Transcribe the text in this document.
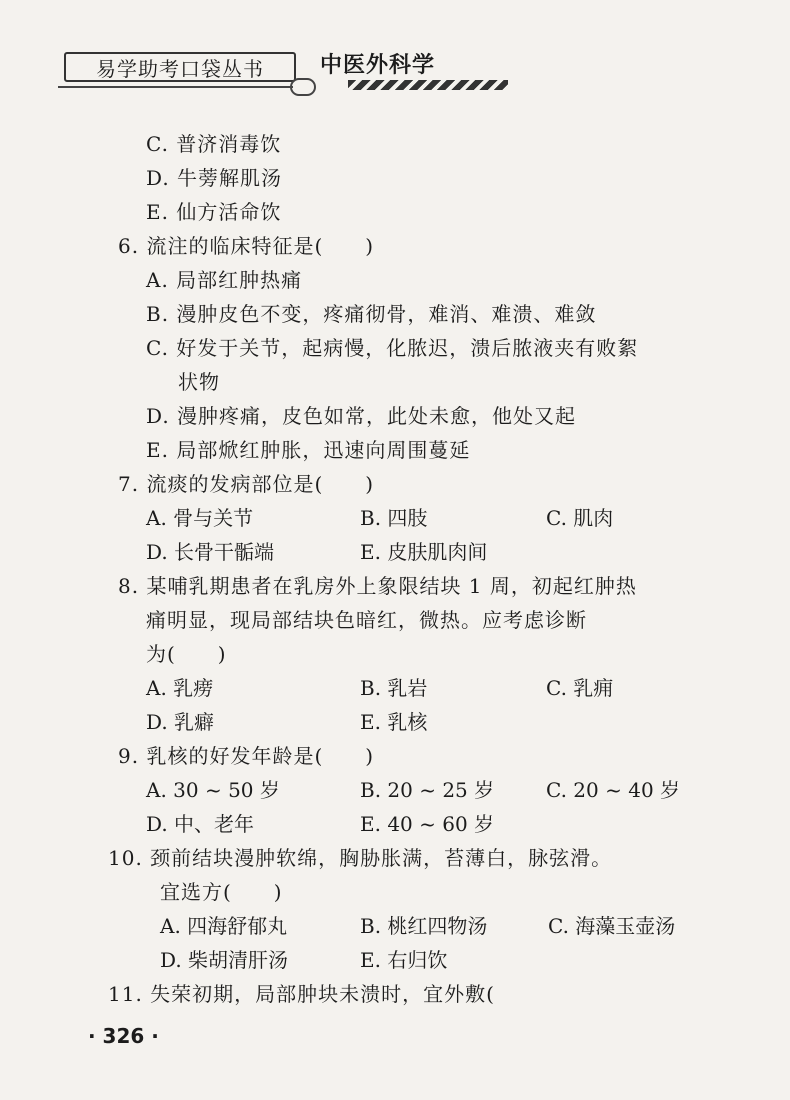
易学助考口袋丛书	中医外科学
C. 普济消毒饮
D. 牛蒡解肌汤
E. 仙方活命饮
6. 流注的临床特征是(　　)
A. 局部红肿热痛
B. 漫肿皮色不变，疼痛彻骨，难消、难溃、难敛
C. 好发于关节，起病慢，化脓迟，溃后脓液夹有败絮
状物
D. 漫肿疼痛，皮色如常，此处未愈，他处又起
E. 局部焮红肿胀，迅速向周围蔓延
7. 流痰的发病部位是(　　)
A. 骨与关节	B. 四肢	C. 肌肉
D. 长骨干骺端	E. 皮肤肌肉间
8. 某哺乳期患者在乳房外上象限结块 1 周，初起红肿热
痛明显，现局部结块色暗红，微热。应考虑诊断
为(　　)
A. 乳痨	B. 乳岩	C. 乳痈
D. 乳癖	E. 乳核
9. 乳核的好发年龄是(　　)
A. 30 ~ 50 岁	B. 20 ~ 25 岁	C. 20 ~ 40 岁
D. 中、老年	E. 40 ~ 60 岁
10. 颈前结块漫肿软绵，胸胁胀满，苔薄白，脉弦滑。
宜选方(　　)
A. 四海舒郁丸	B. 桃红四物汤	C. 海藻玉壶汤
D. 柴胡清肝汤	E. 右归饮
11. 失荣初期，局部肿块未溃时，宜外敷(
· 326 ·
